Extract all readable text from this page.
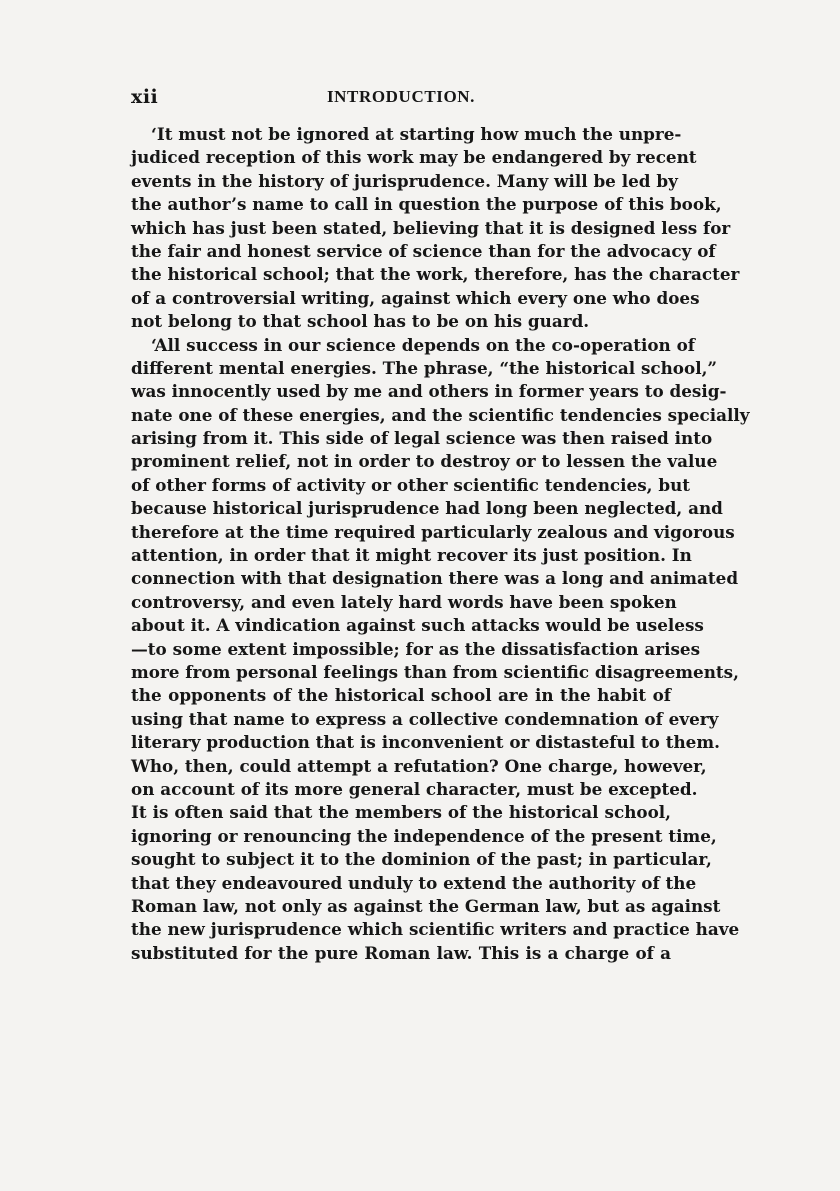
xii	INTRODUCTION.
‘It must not be ignored at starting how much the unpre-
judiced reception of this work may be endangered by recent
events in the history of jurisprudence. Many will be led by
the author’s name to call in question the purpose of this book,
which has just been stated, believing that it is designed less for
the fair and honest service of science than for the advocacy of
the historical school; that the work, therefore, has the character
of a controversial writing, against which every one who does
not belong to that school has to be on his guard.
‘All success in our science depends on the co-operation of
different mental energies. The phrase, “the historical school,”
was innocently used by me and others in former years to desig-
nate one of these energies, and the scientific tendencies specially
arising from it. This side of legal science was then raised into
prominent relief, not in order to destroy or to lessen the value
of other forms of activity or other scientific tendencies, but
because historical jurisprudence had long been neglected, and
therefore at the time required particularly zealous and vigorous
attention, in order that it might recover its just position. In
connection with that designation there was a long and animated
controversy, and even lately hard words have been spoken
about it. A vindication against such attacks would be useless
—to some extent impossible; for as the dissatisfaction arises
more from personal feelings than from scientific disagreements,
the opponents of the historical school are in the habit of
using that name to express a collective condemnation of every
literary production that is inconvenient or distasteful to them.
Who, then, could attempt a refutation? One charge, however,
on account of its more general character, must be excepted.
It is often said that the members of the historical school,
ignoring or renouncing the independence of the present time,
sought to subject it to the dominion of the past; in particular,
that they endeavoured unduly to extend the authority of the
Roman law, not only as against the German law, but as against
the new jurisprudence which scientific writers and practice have
substituted for the pure Roman law. This is a charge of a
